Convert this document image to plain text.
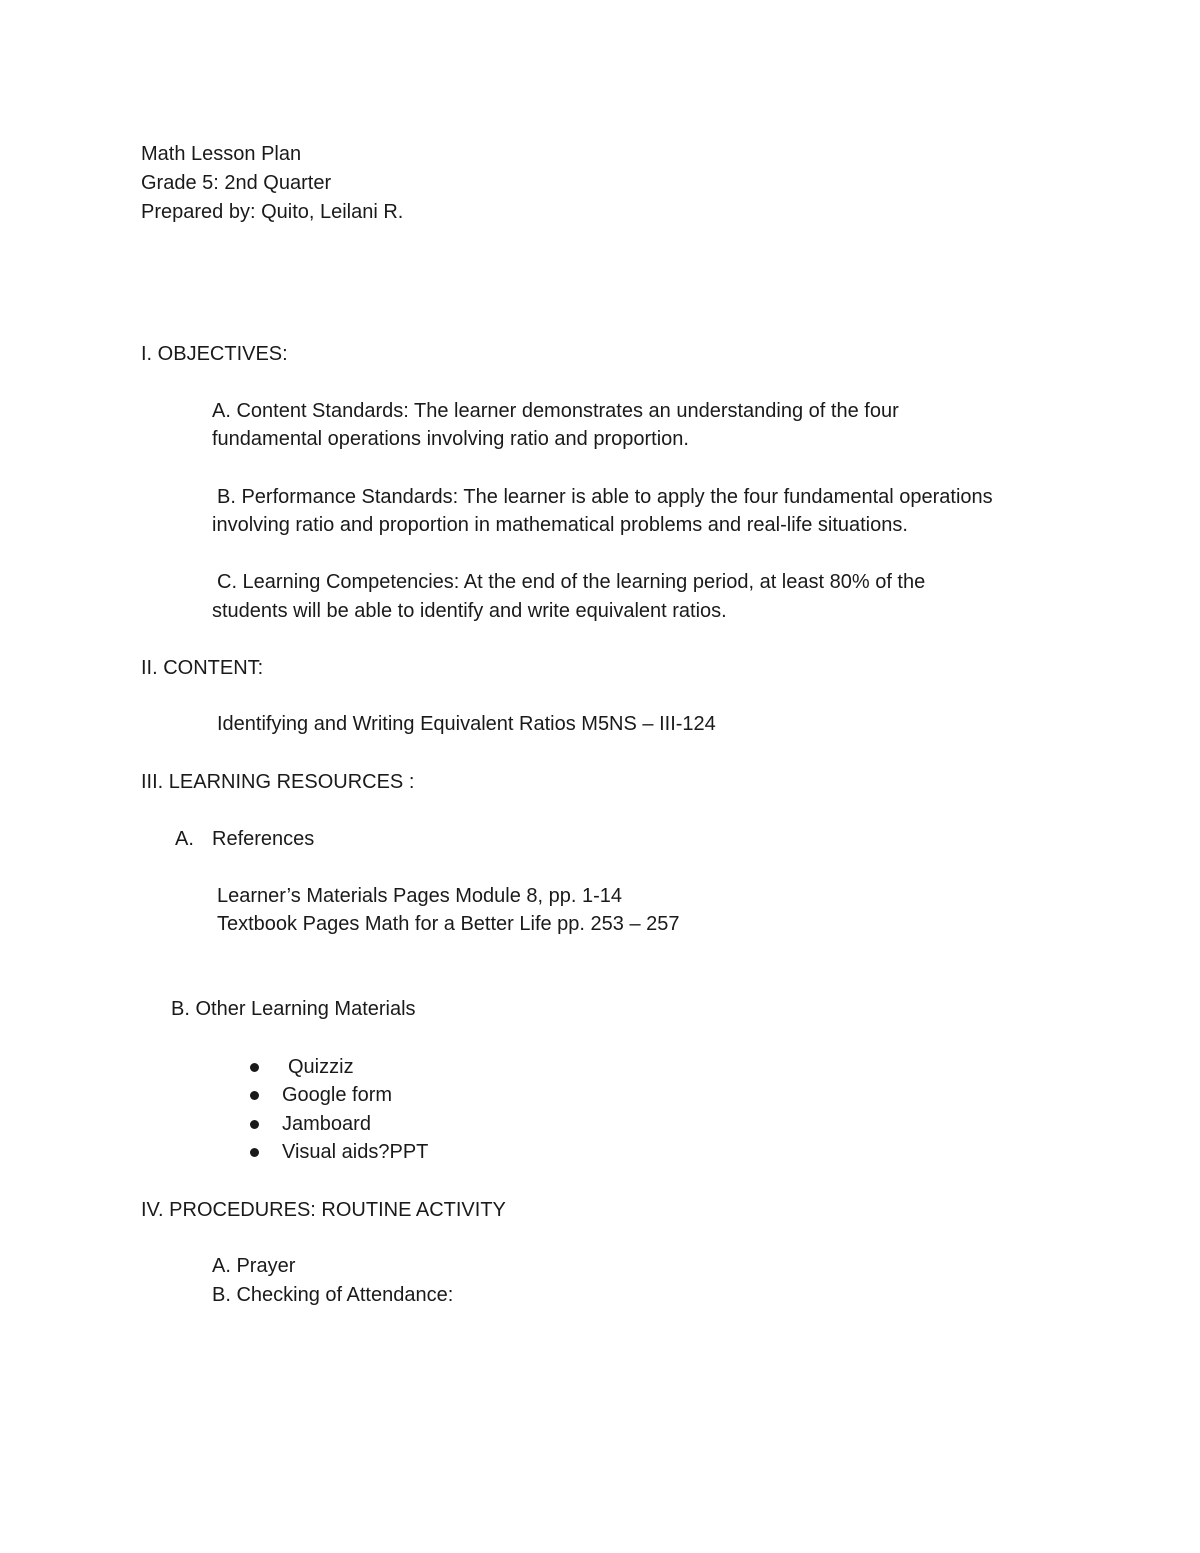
Math Lesson Plan

Grade 5: 2nd Quarter

Prepared by: Quito, Leilani R.

I. OBJECTIVES:

A. Content Standards: The learner demonstrates an understanding of the four

fundamental operations involving ratio and proportion.

B. Performance Standards: The learner is able to apply the four fundamental operations

involving ratio and proportion in mathematical problems and real-life situations.

C. Learning Competencies: At the end of the learning period, at least 80% of the

students will be able to identify and write equivalent ratios.

II. CONTENT:

Identifying and Writing Equivalent Ratios M5NS – III-124

III. LEARNING RESOURCES :

A. References

Learner’s Materials Pages Module 8, pp. 1-14

Textbook Pages Math for a Better Life pp. 253 – 257

B. Other Learning Materials

Quizziz

Google form

Jamboard

Visual aids?PPT

IV. PROCEDURES: ROUTINE ACTIVITY

A. Prayer

B. Checking of Attendance:
